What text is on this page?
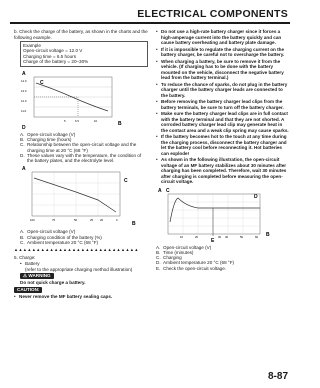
ELECTRICAL COMPONENTS
b. Check the charge of the battery, as shown in the charts and the following example.
Example
Open-circuit voltage = 12.0 V
Charging time = 6.5 hours
Charge of the battery = 20–30%
A
C
14.0
13.0
12.0
11.0
5	6.5	10
D
B
A. Open-circuit voltage (V)
B. Charging time (hours)
C. Relationship between the open-circuit voltage and the charging time at 20 °C (68 °F)
D. These values vary with the temperature, the condition of the battery plates, and the electrolyte level.
A
C
100	75	50	25 20	0
B
A. Open-circuit voltage (V)
B. Charging condition of the battery (%)
C. Ambient temperature 20 °C (68 °F)
▲▲▲▲▲▲▲▲▲▲▲▲▲▲▲▲▲▲▲▲▲▲▲▲▲▲▲▲
5. Charge:
• Battery
(refer to the appropriate charging method illustration)
⚠ WARNING
Do not quick charge a battery.
CAUTION:
• Never remove the MF battery sealing caps.
• Do not use a high-rate battery charger since it forces a high-amperage current into the battery quickly and can cause battery overheating and battery plate damage.
• If it is impossible to regulate the charging current on the battery charger, be careful not to overcharge the battery.
• When charging a battery, be sure to remove it from the vehicle. (If charging has to be done with the battery mounted on the vehicle, disconnect the negative battery lead from the battery terminal.)
• To reduce the chance of sparks, do not plug in the battery charger until the battery charger leads are connected to the battery.
• Before removing the battery charger lead clips from the battery terminals, be sure to turn off the battery charger.
• Make sure the battery charger lead clips are in full contact with the battery terminal and that they are not shorted. A corroded battery charger lead clip may generate heat in the contact area and a weak clip spring may cause sparks.
• If the battery becomes hot to the touch at any time during the charging process, disconnect the battery charger and let the battery cool before reconnecting it. Hot batteries can explode!
• As shown in the following illustration, the open-circuit voltage of an MF battery stabilizes about 30 minutes after charging has been completed. Therefore, wait 30 minutes after charging is completed before measuring the open-circuit voltage.
A C
D
E
10	20	30 40	50	60 B
A. Open-circuit voltage (V)
B. Time (minutes)
C. Charging
D. Ambient temperature 20 °C (68 °F)
E. Check the open-circuit voltage.
8-87
